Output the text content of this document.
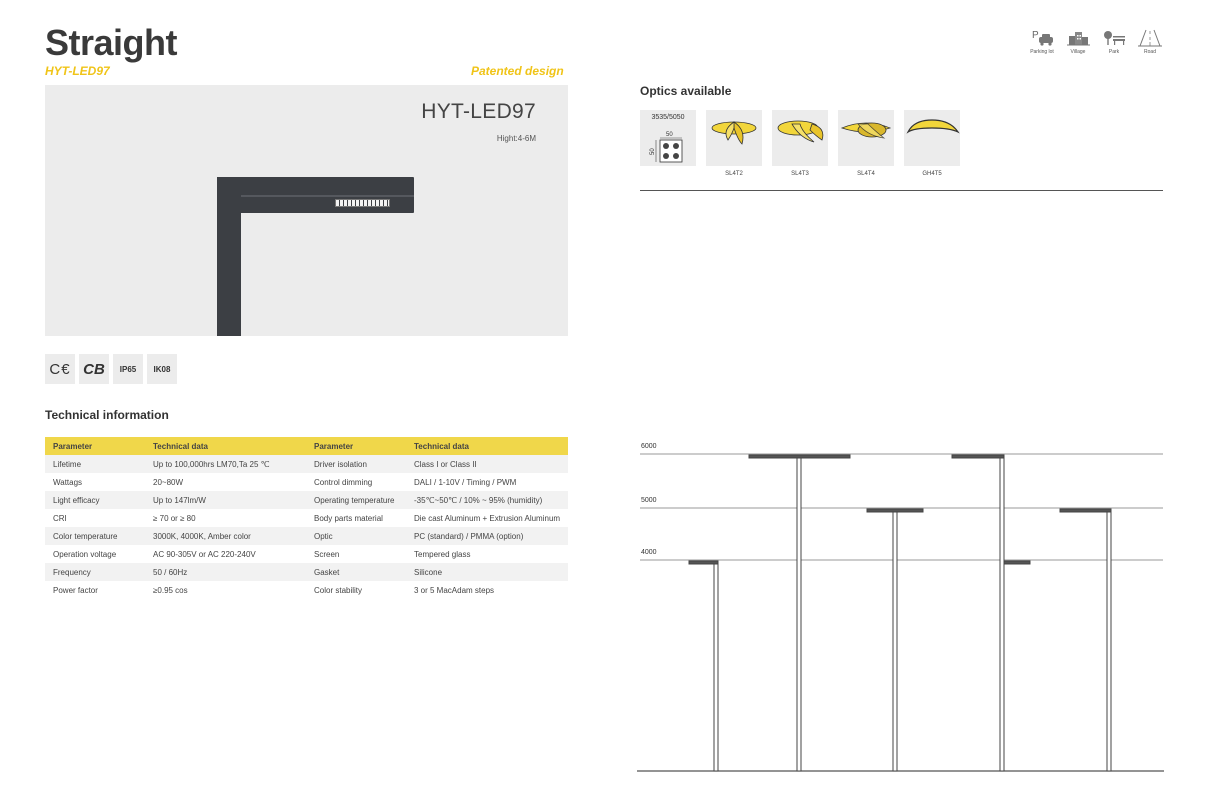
Straight
HYT-LED97	Patented design
P
Parking lot	Village	Park	Road
HYT-LED97
Hight:4-6M
C€ CB	IP65	IK08
Technical information
Parameter	Technical data	Parameter	Technical data
Lifetime	Up to 100,000hrs LM70,Ta 25 ℃	Driver isolation	Class I or Class II
Wattags	20~80W	Control dimming	DALI / 1-10V / Timing / PWM
Light efficacy	Up to 147lm/W	Operating temperature	-35℃~50℃ / 10% ~ 95% (humidity)
CRI	≥ 70 or ≥ 80	Body parts material	Die cast Aluminum + Extrusion Aluminum
Color temperature	3000K, 4000K, Amber color	Optic	PC (standard) / PMMA (option)
Operation voltage	AC 90-305V or AC 220-240V	Screen	Tempered glass
Frequency	50 / 60Hz	Gasket	Silicone
Power factor	≥0.95 cos	Color stability	3 or 5 MacAdam steps
Optics available
3535/5050
50
50
SL4T2	SL4T3	SL4T4	GH4T5
6000
5000
4000
